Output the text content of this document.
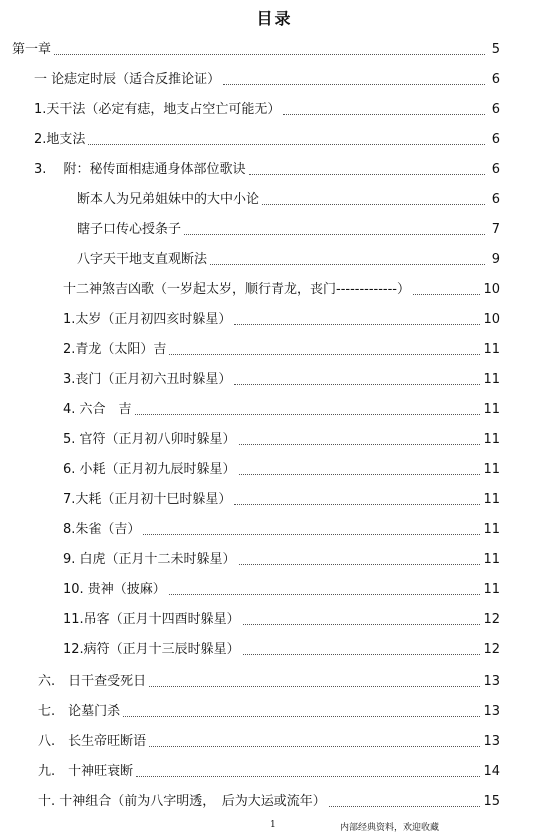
目录
第一章	5
一 论痣定时辰（适合反推论证）	6
1.天干法（必定有痣，地支占空亡可能无）	6
2.地支法	6
3.　 附：秘传面相痣通身体部位歌诀	6
断本人为兄弟姐妹中的大中小论	6
瞎子口传心授条子	7
八字天干地支直观断法	9
十二神煞吉凶歌（一岁起太岁，顺行青龙，丧门-------------）	10
1.太岁（正月初四亥时躲星）	10
2.青龙（太阳）吉	11
3.丧门（正月初六丑时躲星）	11
4. 六合　吉	11
5. 官符（正月初八卯时躲星）	11
6. 小耗（正月初九辰时躲星）	11
7.大耗（正月初十巳时躲星）	11
8.朱雀（吉）	11
9. 白虎（正月十二未时躲星）	11
10. 贵神（披麻）	11
11.吊客（正月十四酉时躲星）	12
12.病符（正月十三辰时躲星）	12
六.　日干查受死日	13
七.　论墓门杀	13
八.　长生帝旺断语	13
九.　十神旺衰断	14
十. 十神组合（前为八字明透，　后为大运或流年）	15
1	内部经典资料，欢迎收藏
